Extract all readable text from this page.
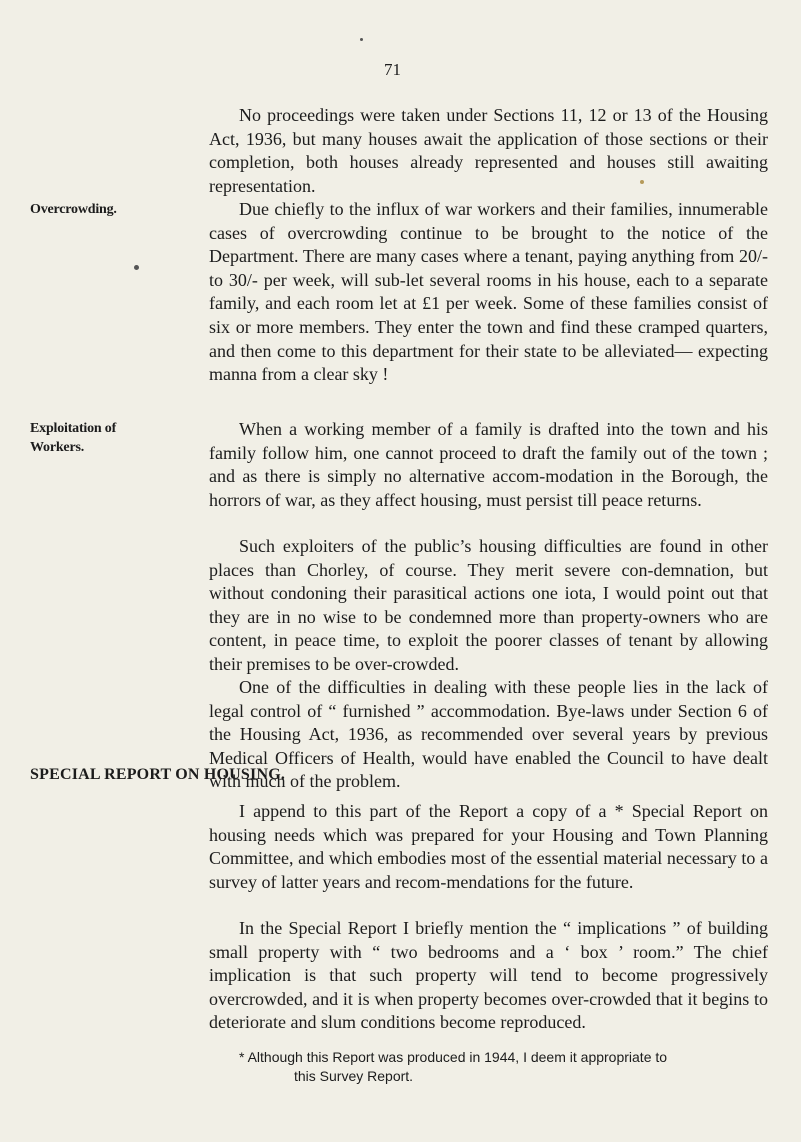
71

No proceedings were taken under Sections 11, 12 or 13 of the Housing Act, 1936, but many houses await the application of those sections or their completion, both houses already represented and houses still awaiting representation.

Overcrowding.	Due chiefly to the influx of war workers and their families, innumerable cases of overcrowding continue to be brought to the notice of the Department. There are many cases where a tenant, paying anything from 20/- to 30/- per week, will sub-let several rooms in his house, each to a separate family, and each room let at £1 per week. Some of these families consist of six or more members. They enter the town and find these cramped quarters, and then come to this department for their state to be alleviated— expecting manna from a clear sky !

Exploitation of
Workers.

When a working member of a family is drafted into the town and his family follow him, one cannot proceed to draft the family out of the town ; and as there is simply no alternative accom-modation in the Borough, the horrors of war, as they affect housing, must persist till peace returns.

Such exploiters of the public’s housing difficulties are found in other places than Chorley, of course. They merit severe con-demnation, but without condoning their parasitical actions one iota, I would point out that they are in no wise to be condemned more than property-owners who are content, in peace time, to exploit the poorer classes of tenant by allowing their premises to be over-crowded.

One of the difficulties in dealing with these people lies in the lack of legal control of “ furnished ” accommodation. Bye-laws under Section 6 of the Housing Act, 1936, as recommended over several years by previous Medical Officers of Health, would have enabled the Council to have dealt with much of the problem.

SPECIAL REPORT ON HOUSING.

I append to this part of the Report a copy of a * Special Report on housing needs which was prepared for your Housing and Town Planning Committee, and which embodies most of the essential material necessary to a survey of latter years and recom-mendations for the future.

In the Special Report I briefly mention the “ implications ” of building small property with “ two bedrooms and a ‘ box ’ room.” The chief implication is that such property will tend to become progressively overcrowded, and it is when property becomes over-crowded that it begins to deteriorate and slum conditions become reproduced.

* Although this Report was produced in 1944, I deem it appropriate to
this Survey Report.
